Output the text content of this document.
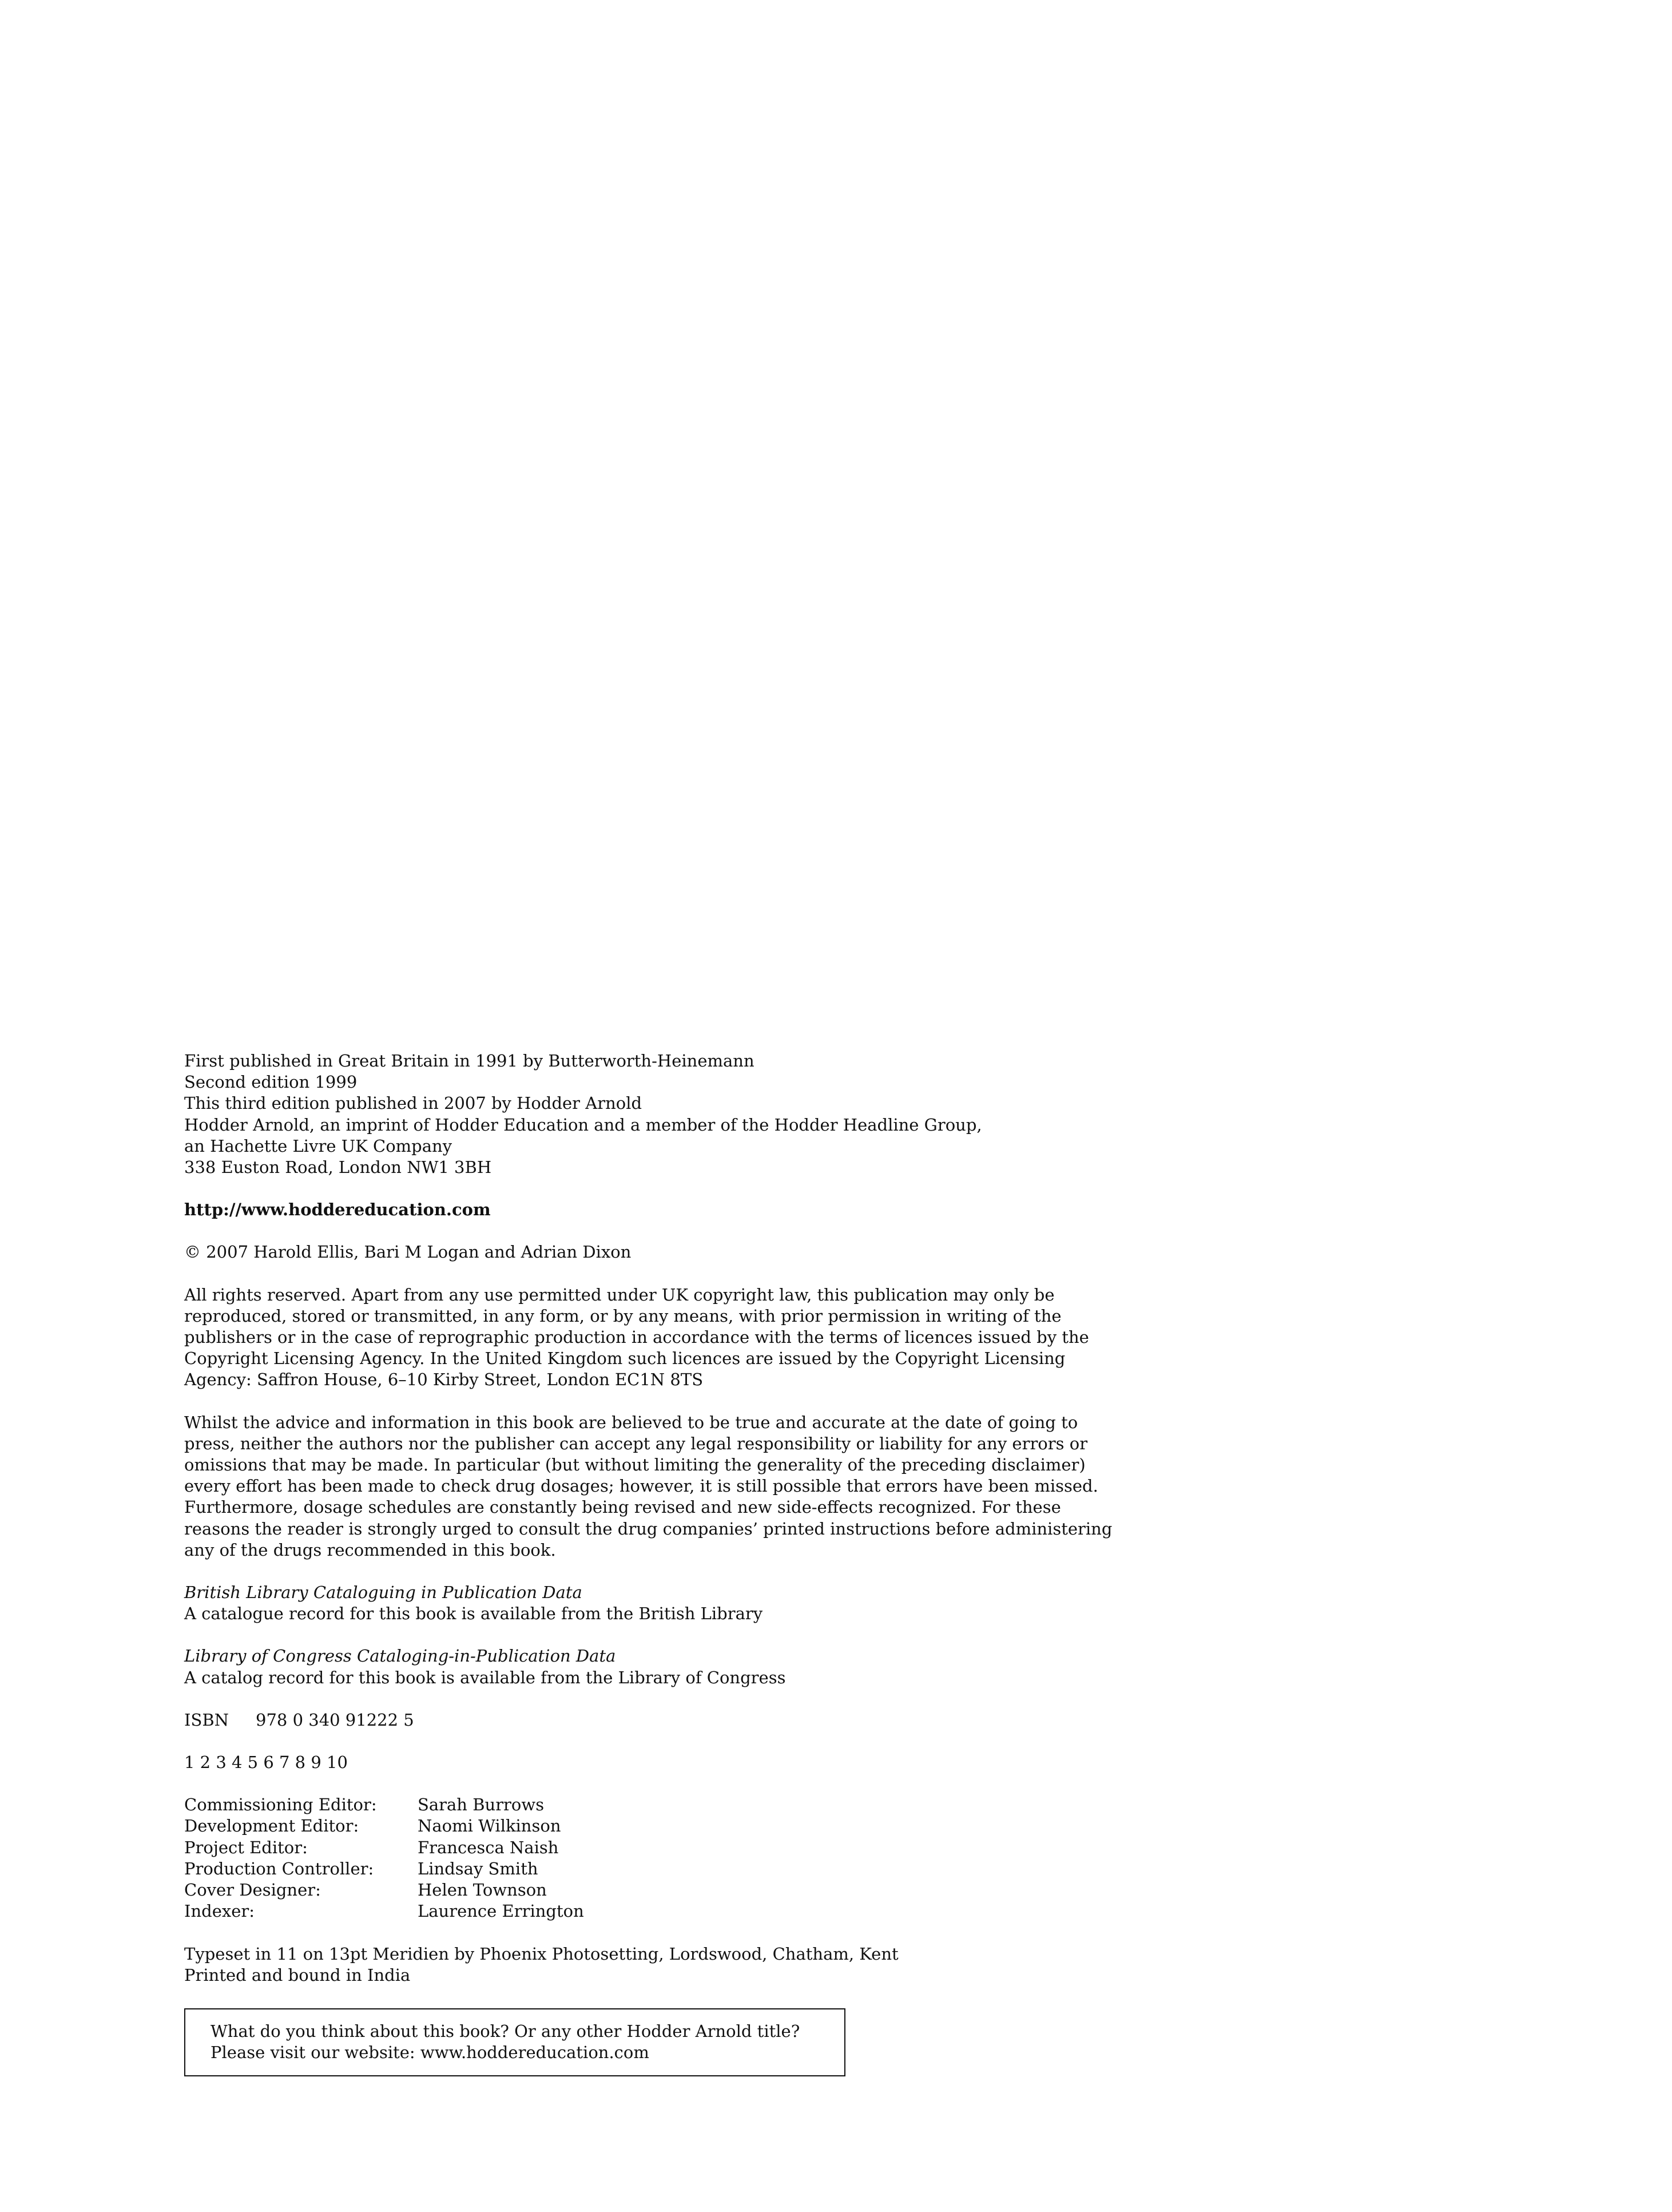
First published in Great Britain in 1991 by Butterworth-Heinemann
Second edition 1999
This third edition published in 2007 by Hodder Arnold
Hodder Arnold, an imprint of Hodder Education and a member of the Hodder Headline Group,
an Hachette Livre UK Company
338 Euston Road, London NW1 3BH
http://www.hoddereducation.com
© 2007 Harold Ellis, Bari M Logan and Adrian Dixon
All rights reserved. Apart from any use permitted under UK copyright law, this publication may only be
reproduced, stored or transmitted, in any form, or by any means, with prior permission in writing of the
publishers or in the case of reprographic production in accordance with the terms of licences issued by the
Copyright Licensing Agency. In the United Kingdom such licences are issued by the Copyright Licensing
Agency: Saffron House, 6–10 Kirby Street, London EC1N 8TS
Whilst the advice and information in this book are believed to be true and accurate at the date of going to
press, neither the authors nor the publisher can accept any legal responsibility or liability for any errors or
omissions that may be made. In particular (but without limiting the generality of the preceding disclaimer)
every effort has been made to check drug dosages; however, it is still possible that errors have been missed.
Furthermore, dosage schedules are constantly being revised and new side-effects recognized. For these
reasons the reader is strongly urged to consult the drug companies’ printed instructions before administering
any of the drugs recommended in this book.
British Library Cataloguing in Publication Data
A catalogue record for this book is available from the British Library
Library of Congress Cataloging-in-Publication Data
A catalog record for this book is available from the Library of Congress
ISBN 978 0 340 91222 5
1 2 3 4 5 6 7 8 9 10
Commissioning Editor:	Sarah Burrows
Development Editor:	Naomi Wilkinson
Project Editor:	Francesca Naish
Production Controller:	Lindsay Smith
Cover Designer:	Helen Townson
Indexer:	Laurence Errington
Typeset in 11 on 13pt Meridien by Phoenix Photosetting, Lordswood, Chatham, Kent
Printed and bound in India
What do you think about this book? Or any other Hodder Arnold title?
Please visit our website: www.hoddereducation.com
